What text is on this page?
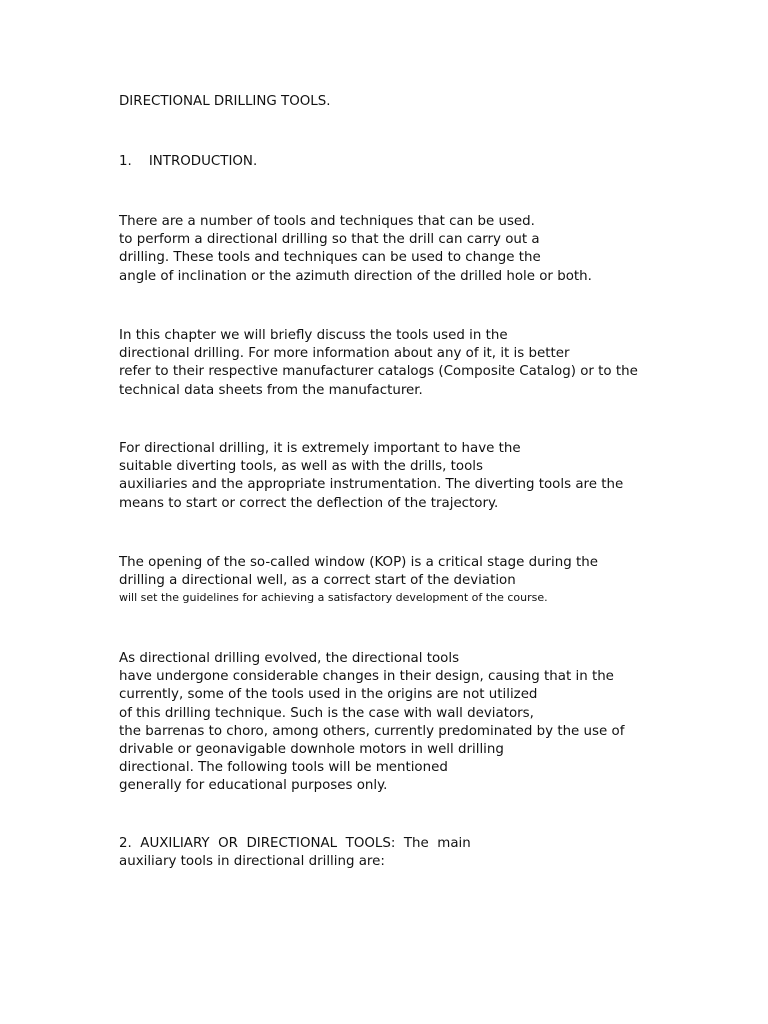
DIRECTIONAL DRILLING TOOLS.
1. INTRODUCTION.
There are a number of tools and techniques that can be used.
to perform a directional drilling so that the drill can carry out a
drilling. These tools and techniques can be used to change the
angle of inclination or the azimuth direction of the drilled hole or both.
In this chapter we will briefly discuss the tools used in the
directional drilling. For more information about any of it, it is better
refer to their respective manufacturer catalogs (Composite Catalog) or to the
technical data sheets from the manufacturer.
For directional drilling, it is extremely important to have the
suitable diverting tools, as well as with the drills, tools
auxiliaries and the appropriate instrumentation. The diverting tools are the
means to start or correct the deflection of the trajectory.
The opening of the so-called window (KOP) is a critical stage during the
drilling a directional well, as a correct start of the deviation
will set the guidelines for achieving a satisfactory development of the course.
As directional drilling evolved, the directional tools
have undergone considerable changes in their design, causing that in the
currently, some of the tools used in the origins are not utilized
of this drilling technique. Such is the case with wall deviators,
the barrenas to choro, among others, currently predominated by the use of
drivable or geonavigable downhole motors in well drilling
directional. The following tools will be mentioned
generally for educational purposes only.
2.  AUXILIARY  OR  DIRECTIONAL  TOOLS:  The  main
auxiliary tools in directional drilling are:
